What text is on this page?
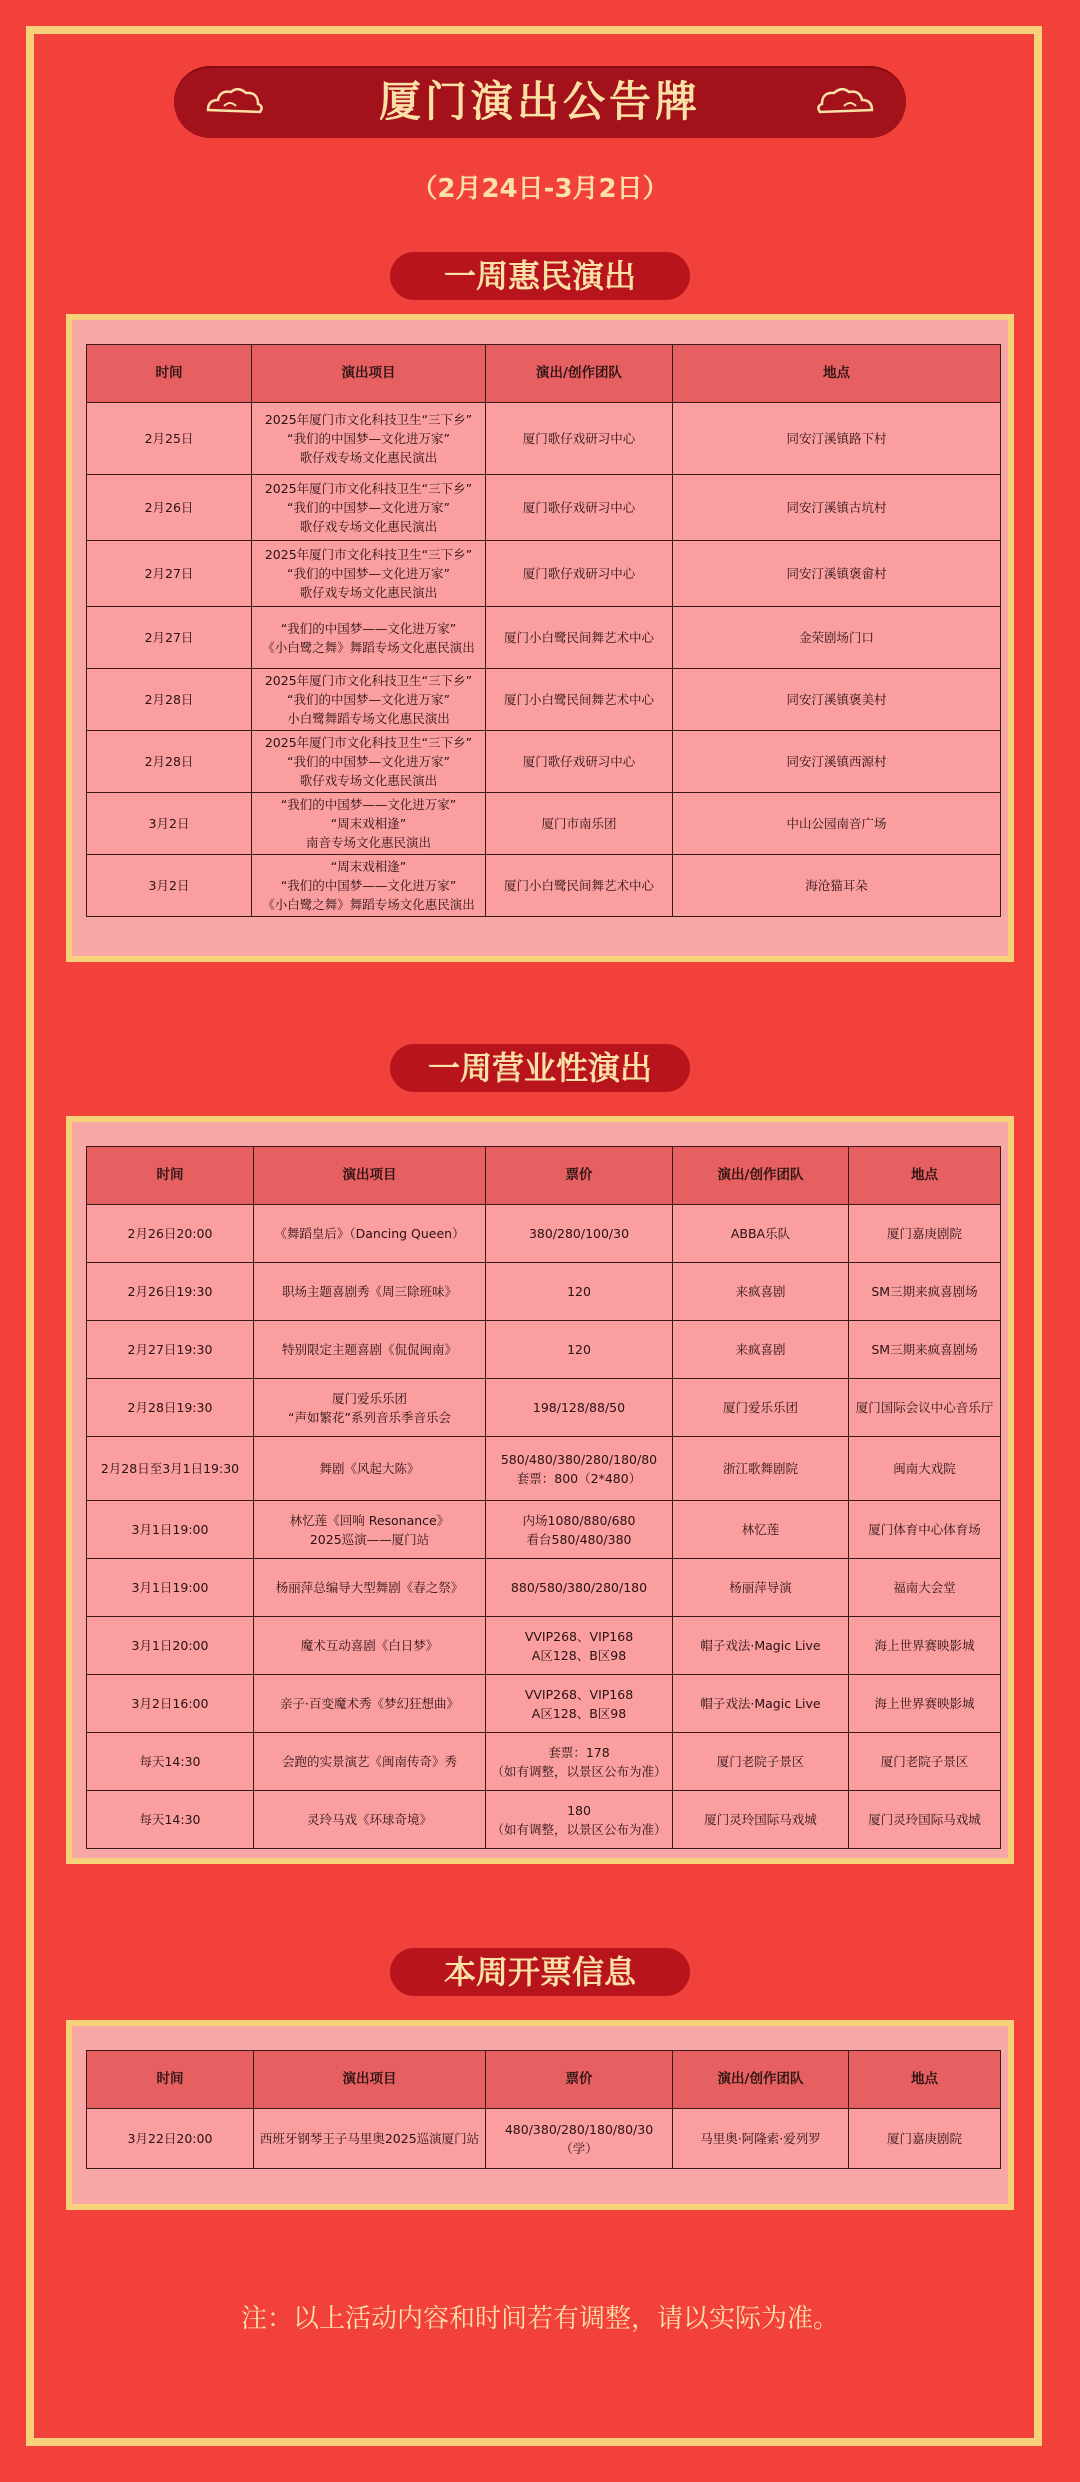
厦门演出公告牌
（2月24日-3月2日）
一周惠民演出
时间	演出项目	演出/创作团队	地点
2月25日	2025年厦门市文化科技卫生“三下乡”
“我们的中国梦—文化进万家”
歌仔戏专场文化惠民演出	厦门歌仔戏研习中心	同安汀溪镇路下村
2月26日	2025年厦门市文化科技卫生“三下乡”
“我们的中国梦—文化进万家”
歌仔戏专场文化惠民演出	厦门歌仔戏研习中心	同安汀溪镇古坑村
2月27日	2025年厦门市文化科技卫生“三下乡”
“我们的中国梦—文化进万家”
歌仔戏专场文化惠民演出	厦门歌仔戏研习中心	同安汀溪镇褒畲村
2月27日	“我们的中国梦——文化进万家”
《小白鹭之舞》舞蹈专场文化惠民演出	厦门小白鹭民间舞艺术中心	金荣剧场门口
2月28日	2025年厦门市文化科技卫生“三下乡”
“我们的中国梦—文化进万家”
小白鹭舞蹈专场文化惠民演出	厦门小白鹭民间舞艺术中心	同安汀溪镇褒美村
2月28日	2025年厦门市文化科技卫生“三下乡”
“我们的中国梦—文化进万家”
歌仔戏专场文化惠民演出	厦门歌仔戏研习中心	同安汀溪镇西源村
3月2日	“我们的中国梦——文化进万家”
“周末戏相逢”
南音专场文化惠民演出	厦门市南乐团	中山公园南音广场
3月2日	“周末戏相逢”
“我们的中国梦——文化进万家”
《小白鹭之舞》舞蹈专场文化惠民演出	厦门小白鹭民间舞艺术中心	海沧猫耳朵
一周营业性演出
时间	演出项目	票价	演出/创作团队	地点
2月26日20:00	《舞蹈皇后》（Dancing Queen）	380/280/100/30	ABBA乐队	厦门嘉庚剧院
2月26日19:30	职场主题喜剧秀《周三除班味》	120	来疯喜剧	SM三期来疯喜剧场
2月27日19:30	特别限定主题喜剧《侃侃闽南》	120	来疯喜剧	SM三期来疯喜剧场
2月28日19:30	厦门爱乐乐团
“声如繁花”系列音乐季音乐会	198/128/88/50	厦门爱乐乐团	厦门国际会议中心音乐厅
2月28日至3月1日19:30	舞剧《风起大陈》	580/480/380/280/180/80
套票：800（2*480）	浙江歌舞剧院	闽南大戏院
3月1日19:00	林忆莲《回响 Resonance》
2025巡演——厦门站	内场1080/880/680
看台580/480/380	林忆莲	厦门体育中心体育场
3月1日19:00	杨丽萍总编导大型舞剧《春之祭》	880/580/380/280/180	杨丽萍导演	福南大会堂
3月1日20:00	魔术互动喜剧《白日梦》	VVIP268、VIP168
A区128、B区98	帽子戏法·Magic Live	海上世界赛映影城
3月2日16:00	亲子·百变魔术秀《梦幻狂想曲》	VVIP268、VIP168
A区128、B区98	帽子戏法·Magic Live	海上世界赛映影城
每天14:30	会跑的实景演艺《闽南传奇》秀	套票：178
（如有调整，以景区公布为准）	厦门老院子景区	厦门老院子景区
每天14:30	灵玲马戏《环球奇境》	180
（如有调整，以景区公布为准）	厦门灵玲国际马戏城	厦门灵玲国际马戏城
本周开票信息
时间	演出项目	票价	演出/创作团队	地点
3月22日20:00	西班牙钢琴王子马里奥2025巡演厦门站	480/380/280/180/80/30（学）	马里奥·阿隆索·爱列罗	厦门嘉庚剧院
注：以上活动内容和时间若有调整，请以实际为准。
